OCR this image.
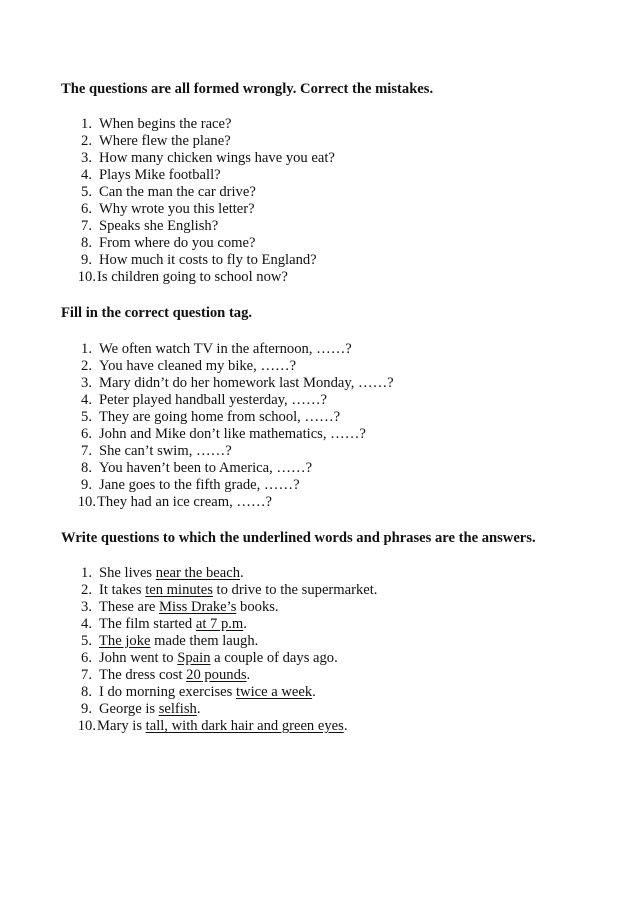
The questions are all formed wrongly. Correct the mistakes.
1. When begins the race?
2. Where flew the plane?
3. How many chicken wings have you eat?
4. Plays Mike football?
5. Can the man the car drive?
6. Why wrote you this letter?
7. Speaks she English?
8. From where do you come?
9. How much it costs to fly to England?
10. Is children going to school now?
Fill in the correct question tag.
1. We often watch TV in the afternoon, ……?
2. You have cleaned my bike, ……?
3. Mary didn’t do her homework last Monday, ……?
4. Peter played handball yesterday, ……?
5. They are going home from school, ……?
6. John and Mike don’t like mathematics, ……?
7. She can’t swim, ……?
8. You haven’t been to America, ……?
9. Jane goes to the fifth grade, ……?
10. They had an ice cream, ……?
Write questions to which the underlined words and phrases are the answers.
1. She lives near the beach.
2. It takes ten minutes to drive to the supermarket.
3. These are Miss Drake’s books.
4. The film started at 7 p.m.
5. The joke made them laugh.
6. John went to Spain a couple of days ago.
7. The dress cost 20 pounds.
8. I do morning exercises twice a week.
9. George is selfish.
10. Mary is tall, with dark hair and green eyes.
